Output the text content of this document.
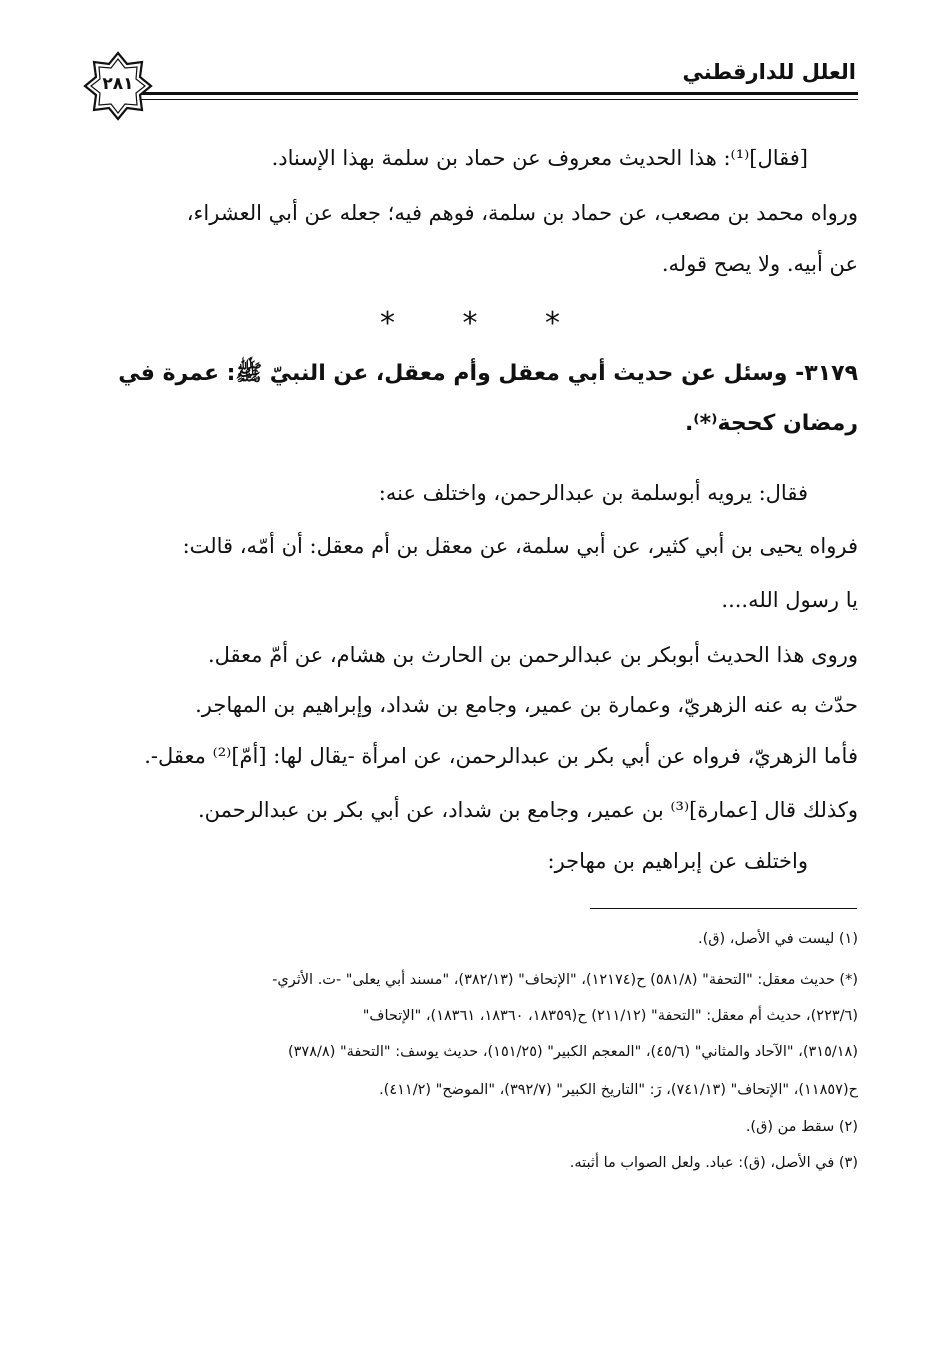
العلل للدارقطني
٢٨١
[فقال]⁽¹⁾: هذا الحديث معروف عن حماد بن سلمة بهذا الإسناد.
ورواه محمد بن مصعب، عن حماد بن سلمة، فوهم فيه؛ جعله عن أبي العشراء،
عن أبيه. ولا يصح قوله.
* * *
٣١٧٩- وسئل عن حديث أبي معقل وأم معقل، عن النبيّ ﷺ: عمرة في
رمضان كحجة⁽*⁾.
فقال: يرويه أبوسلمة بن عبدالرحمن، واختلف عنه:
فرواه يحيى بن أبي كثير، عن أبي سلمة، عن معقل بن أم معقل: أن أمّه، قالت:
يا رسول الله....
وروى هذا الحديث أبوبكر بن عبدالرحمن بن الحارث بن هشام، عن أمّ معقل.
حدّث به عنه الزهريّ، وعمارة بن عمير، وجامع بن شداد، وإبراهيم بن المهاجر.
فأما الزهريّ، فرواه عن أبي بكر بن عبدالرحمن، عن امرأة -يقال لها: [أمّ]⁽²⁾ معقل-.
وكذلك قال [عمارة]⁽³⁾ بن عمير، وجامع بن شداد، عن أبي بكر بن عبدالرحمن.
واختلف عن إبراهيم بن مهاجر:
(١) ليست في الأصل، (ق).
(*) حديث معقل: "التحفة" (٥٨١/٨) ح(١٢١٧٤)، "الإتحاف" (٣٨٢/١٣)، "مسند أبي يعلى" -ت. الأثري-
(٢٢٣/٦)، حديث أم معقل: "التحفة" (٢١١/١٢) ح(١٨٣٥٩، ١٨٣٦٠، ١٨٣٦١)، "الإتحاف"
(٣١٥/١٨)، "الآحاد والمثاني" (٤٥/٦)، "المعجم الكبير" (١٥١/٢٥)، حديث يوسف: "التحفة" (٣٧٨/٨)
ح(١١٨٥٧)، "الإتحاف" (٧٤١/١٣)، رَ: "التاريخ الكبير" (٣٩٢/٧)، "الموضح" (٤١١/٢).
(٢) سقط من (ق).
(٣) في الأصل، (ق): عباد. ولعل الصواب ما أثبته.
